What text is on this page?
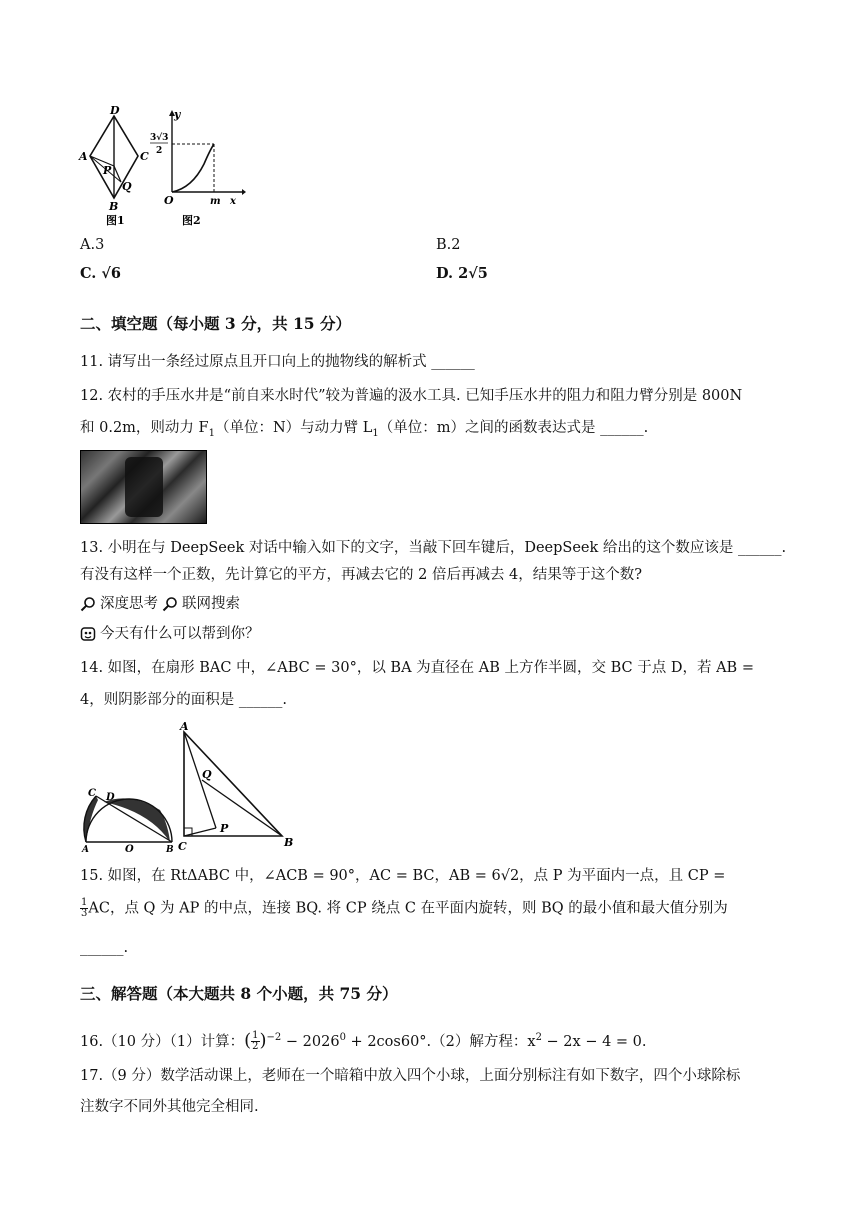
D
A	C
P
Q
B
图1
y
3√3
2
O	m x
图2
A.3	B.2
C. √6	D. 2√5
二、填空题（每小题 3 分，共 15 分）
11. 请写出一条经过原点且开口向上的抛物线的解析式 ______
12. 农村的手压水井是“前自来水时代”较为普遍的汲水工具. 已知手压水井的阻力和阻力臂分别是 800N
和 0.2m，则动力 $F_1$（单位：N）与动力臂 $L_1$（单位：m）之间的函数表达式是 ______.
13. 小明在与 DeepSeek 对话中输入如下的文字，当敲下回车键后，DeepSeek 给出的这个数应该是 ______.
有没有这样一个正数，先计算它的平方，再减去它的 2 倍后再减去 4，结果等于这个数?
深度思考 联网搜索
今天有什么可以帮到你？
14. 如图，在扇形 BAC 中，∠ABC = 30°，以 BA 为直径在 AB 上方作半圆，交 BC 于点 D，若 AB =
4，则阴影部分的面积是 ______.
C D
O
A	B
A
Q
P
C	B
15. 如图，在 RtΔABC 中，∠ACB = 90°，AC = BC，AB = 6√2，点 P 为平面内一点，且 CP =
$\frac{1}{3}$ AC，点 Q 为 AP 的中点，连接 BQ. 将 CP 绕点 C 在平面内旋转，则 BQ 的最小值和最大值分别为
______.
三、解答题（本大题共 8 个小题，共 75 分）
16.（10 分）（1）计算：( $\frac{1}{2} )^{-2} - 2026^0 + 2\cos 60^\circ.(2)$解方程：$x^2 - 2x - 4 = 0$.
17.（9 分）数学活动课上，老师在一个暗箱中放入四个小球，上面分别标注有如下数字，四个小球除标
注数字不同外其他完全相同.
